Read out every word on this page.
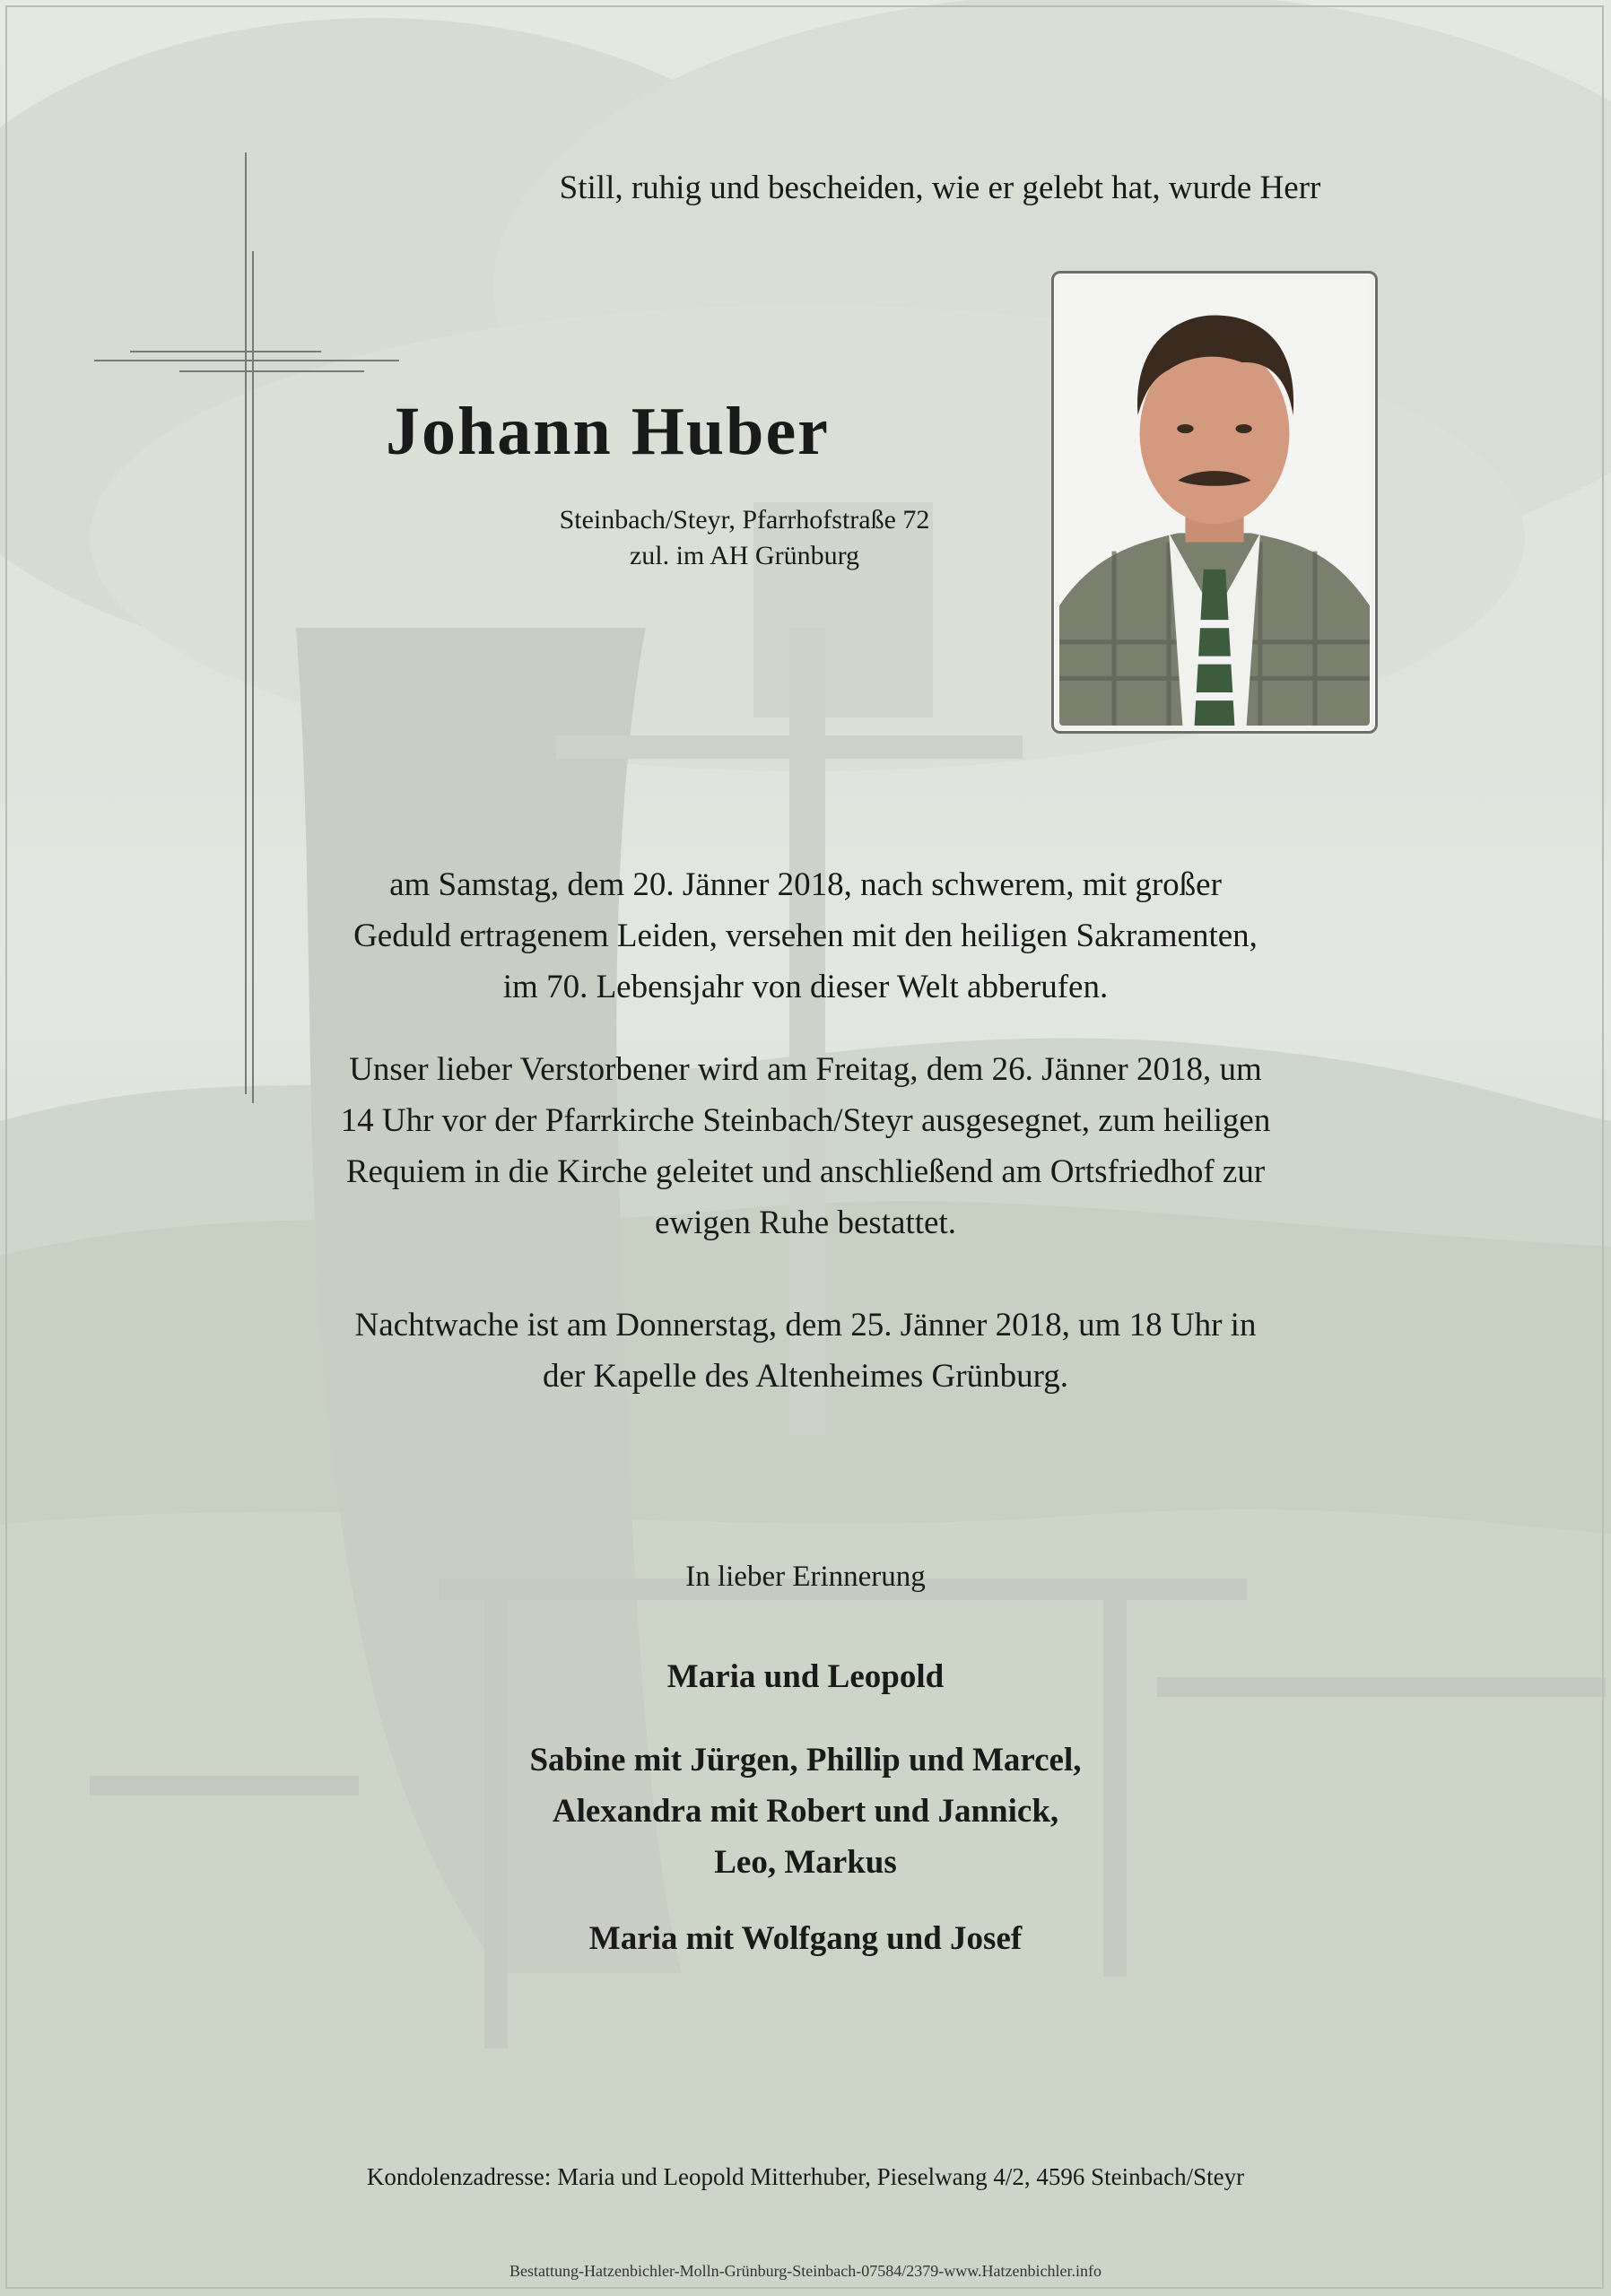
Still, ruhig und bescheiden, wie er gelebt hat, wurde Herr
Johann Huber
Steinbach/Steyr, Pfarrhofstraße 72
zul. im AH Grünburg
am Samstag, dem 20. Jänner 2018, nach schwerem, mit großer
Geduld ertragenem Leiden, versehen mit den heiligen Sakramenten,
im 70. Lebensjahr von dieser Welt abberufen.
Unser lieber Verstorbener wird am Freitag, dem 26. Jänner 2018, um
14 Uhr vor der Pfarrkirche Steinbach/Steyr ausgesegnet, zum heiligen
Requiem in die Kirche geleitet und anschließend am Ortsfriedhof zur
ewigen Ruhe bestattet.
Nachtwache ist am Donnerstag, dem 25. Jänner 2018, um 18 Uhr in
der Kapelle des Altenheimes Grünburg.
In lieber Erinnerung
Maria und Leopold
Sabine mit Jürgen, Phillip und Marcel,
Alexandra mit Robert und Jannick,
Leo, Markus
Maria mit Wolfgang und Josef
Kondolenzadresse: Maria und Leopold Mitterhuber, Pieselwang 4/2, 4596 Steinbach/Steyr
Bestattung-Hatzenbichler-Molln-Grünburg-Steinbach-07584/2379-www.Hatzenbichler.info
